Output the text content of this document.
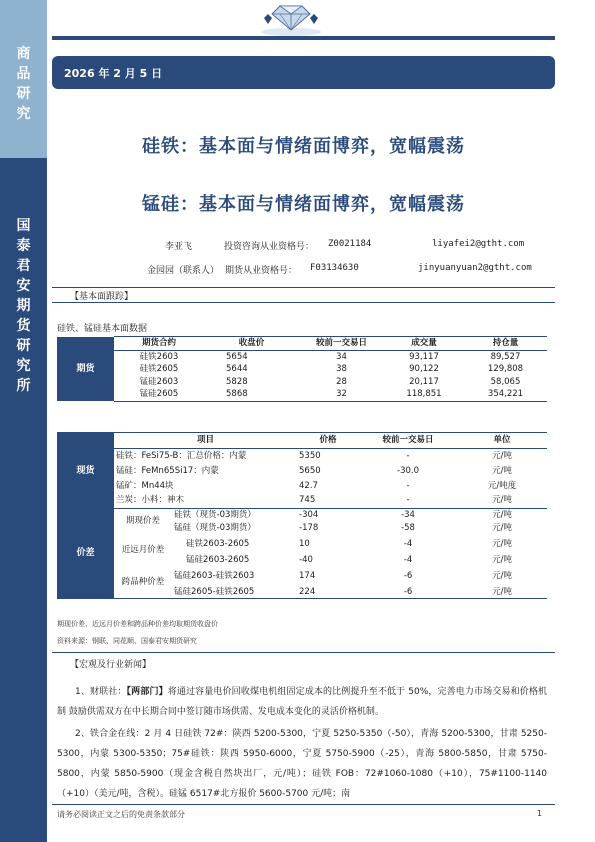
商
品
研
究
国
泰
君
安
期
货
研
究
所
2026 年 2 月 5 日
硅铁：基本面与情绪面博弈，宽幅震荡
锰硅：基本面与情绪面博弈，宽幅震荡
李亚飞	投资咨询从业资格号： Z0021184	liyafei2@gtht.com
金园园（联系人） 期货从业资格号： F03134630	jinyuanyuan2@gtht.com
【基本面跟踪】
硅铁、锰硅基本面数据
期货	期货合约	收盘价	较前一交易日	成交量	持仓量
	硅铁2603	5654	34	93,117	89,527
	硅铁2605	5644	38	90,122	129,808
	锰硅2603	5828	28	20,117	58,065
	锰硅2605	5868	32	118,851	354,221
现货	项目		价格	较前一交易日	单位
	硅铁：FeSi75-B：汇总价格：内蒙		5350	-	元/吨
	锰硅：FeMn65Si17：内蒙		5650	-30.0	元/吨
	锰矿：Mn44块		42.7	-	元/吨度
	兰炭：小料：神木		745	-	元/吨
价差	期现价差	硅铁（现货-03期货）	-304	-34	元/吨
		锰硅（现货-03期货）	-178	-58	元/吨
	近远月价差	硅铁2603-2605	10	-4	元/吨
		锰硅2603-2605	-40	-4	元/吨
	跨品种价差	锰硅2603-硅铁2603	174	-6	元/吨
		锰硅2605-硅铁2605	224	-6	元/吨
期现价差、近远月价差和跨品种价差均取期货收盘价
资料来源：钢联、同花顺、国泰君安期货研究
【宏观及行业新闻】
1、财联社：【两部门】将通过容量电价回收煤电机组固定成本的比例提升至不低于 50%，完善电力市场交易和价格机制 鼓励供需双方在中长期合同中签订随市场供需、发电成本变化的灵活价格机制。
2、铁合金在线：2 月 4 日硅铁 72#：陕西 5200-5300，宁夏 5250-5350（-50），青海 5200-5300，甘肃 5250-5300，内蒙 5300-5350；75#硅铁：陕西 5950-6000，宁夏 5750-5900（-25），青海 5800-5850，甘肃 5750-5800，内蒙 5850-5900（现金含税自然块出厂，元/吨）；硅铁 FOB：72#1060-1080（+10），75#1100-1140（+10）（美元/吨，含税）。硅锰 6517#北方报价 5600-5700 元/吨；南
请务必阅读正文之后的免责条款部分	1
